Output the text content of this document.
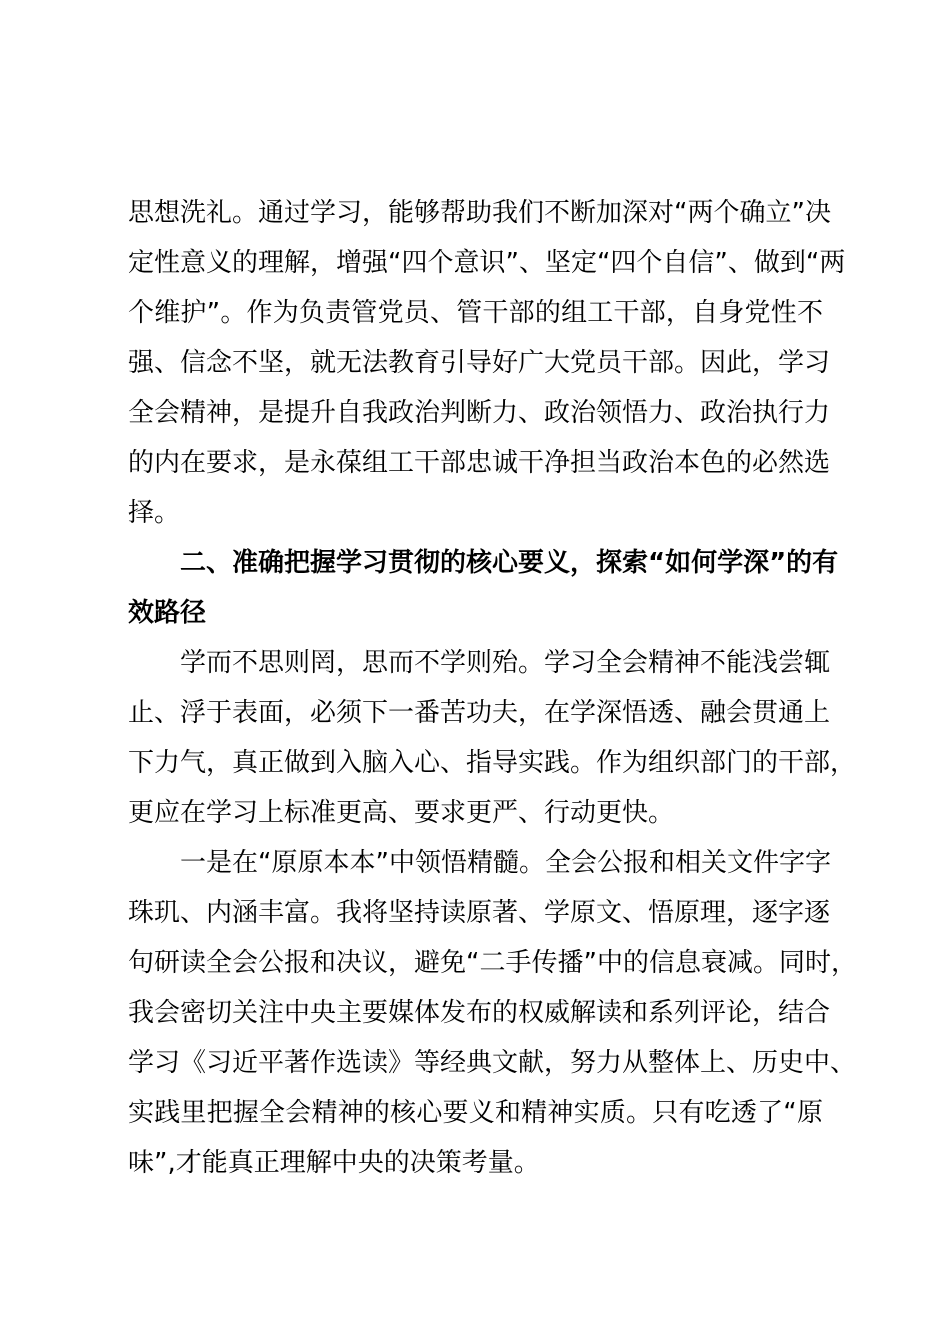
思想洗礼。通过学习，能够帮助我们不断加深对“两个确立”决
定性意义的理解，增强“四个意识”、坚定“四个自信”、做到“两
个维护”。作为负责管党员、管干部的组工干部，自身党性不
强、信念不坚，就无法教育引导好广大党员干部。因此，学习
全会精神，是提升自我政治判断力、政治领悟力、政治执行力
的内在要求，是永葆组工干部忠诚干净担当政治本色的必然选
择。
二、准确把握学习贯彻的核心要义，探索“如何学深”的有
效路径
学而不思则罔，思而不学则殆。学习全会精神不能浅尝辄
止、浮于表面，必须下一番苦功夫，在学深悟透、融会贯通上
下力气，真正做到入脑入心、指导实践。作为组织部门的干部，
更应在学习上标准更高、要求更严、行动更快。
一是在“原原本本”中领悟精髓。全会公报和相关文件字字
珠玑、内涵丰富。我将坚持读原著、学原文、悟原理，逐字逐
句研读全会公报和决议，避免“二手传播”中的信息衰减。同时，
我会密切关注中央主要媒体发布的权威解读和系列评论，结合
学习《习近平著作选读》等经典文献，努力从整体上、历史中、
实践里把握全会精神的核心要义和精神实质。只有吃透了“原
味”,才能真正理解中央的决策考量。
